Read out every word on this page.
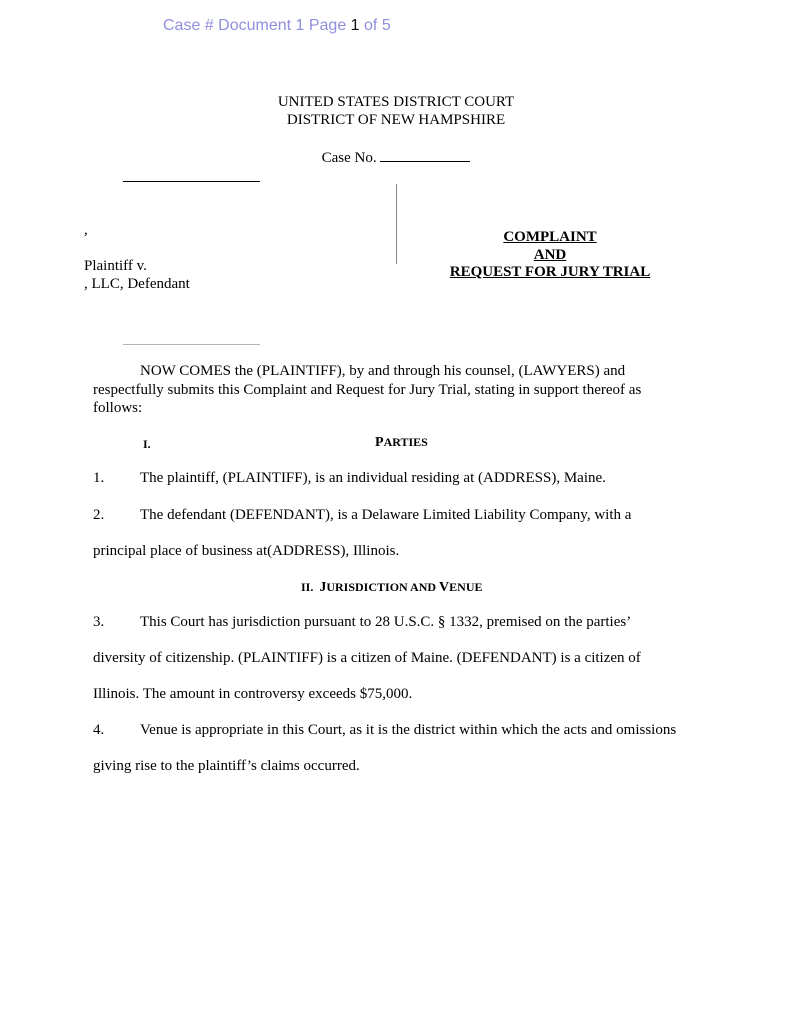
Case # Document 1 Page 1 of 5
UNITED STATES DISTRICT COURT
DISTRICT OF NEW HAMPSHIRE
Case No.
,
Plaintiff v.
, LLC, Defendant
COMPLAINT
AND
REQUEST FOR JURY TRIAL
NOW COMES the (PLAINTIFF), by and through his counsel, (LAWYERS) and respectfully submits this Complaint and Request for Jury Trial, stating in support thereof as follows:
I.	PARTIES
1. The plaintiff, (PLAINTIFF), is an individual residing at (ADDRESS), Maine.
2. The defendant (DEFENDANT), is a Delaware Limited Liability Company, with a
principal place of business at(ADDRESS), Illinois.
II. JURISDICTION AND VENUE
3. This Court has jurisdiction pursuant to 28 U.S.C. § 1332, premised on the parties’
diversity of citizenship. (PLAINTIFF) is a citizen of Maine. (DEFENDANT) is a citizen of
Illinois. The amount in controversy exceeds $75,000.
4. Venue is appropriate in this Court, as it is the district within which the acts and omissions
giving rise to the plaintiff’s claims occurred.
